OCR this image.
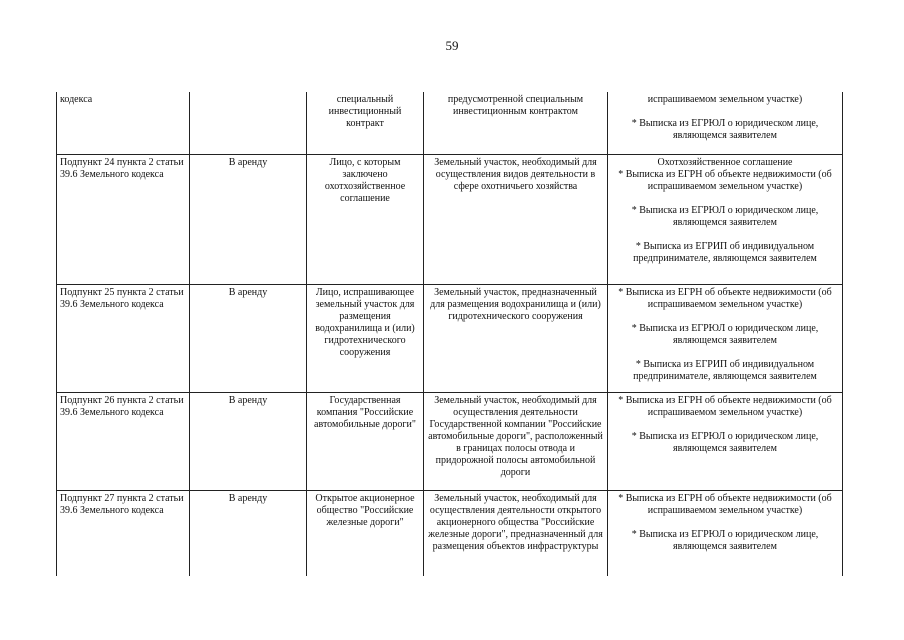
59
кодекса		специальный инвестиционный контракт	предусмотренной специальным инвестиционным контрактом	испрашиваемом земельном участке)

* Выписка из ЕГРЮЛ о юридическом лице, являющемся заявителем

Подпункт 24 пункта 2 статьи 39.6 Земельного кодекса	В аренду	Лицо, с которым заключено охотхозяйственное соглашение	Земельный участок, необходимый для осуществления видов деятельности в сфере охотничьего хозяйства	Охотхозяйственное соглашение
* Выписка из ЕГРН об объекте недвижимости (об испрашиваемом земельном участке)

* Выписка из ЕГРЮЛ о юридическом лице, являющемся заявителем

* Выписка из ЕГРИП об индивидуальном предпринимателе, являющемся заявителем

Подпункт 25 пункта 2 статьи 39.6 Земельного кодекса	В аренду	Лицо, испрашивающее земельный участок для размещения водохранилища и (или) гидротехнического сооружения	Земельный участок, предназначенный для размещения водохранилища и (или) гидротехнического сооружения	* Выписка из ЕГРН об объекте недвижимости (об испрашиваемом земельном участке)

* Выписка из ЕГРЮЛ о юридическом лице, являющемся заявителем

* Выписка из ЕГРИП об индивидуальном предпринимателе, являющемся заявителем

Подпункт 26 пункта 2 статьи 39.6 Земельного кодекса	В аренду	Государственная компания "Российские автомобильные дороги"	Земельный участок, необходимый для осуществления деятельности Государственной компании "Российские автомобильные дороги", расположенный в границах полосы отвода и придорожной полосы автомобильной дороги	* Выписка из ЕГРН об объекте недвижимости (об испрашиваемом земельном участке)

* Выписка из ЕГРЮЛ о юридическом лице, являющемся заявителем

Подпункт 27 пункта 2 статьи 39.6 Земельного кодекса	В аренду	Открытое акционерное общество "Российские железные дороги"	Земельный участок, необходимый для осуществления деятельности открытого акционерного общества "Российские железные дороги", предназначенный для размещения объектов инфраструктуры	* Выписка из ЕГРН об объекте недвижимости (об испрашиваемом земельном участке)

* Выписка из ЕГРЮЛ о юридическом лице, являющемся заявителем
